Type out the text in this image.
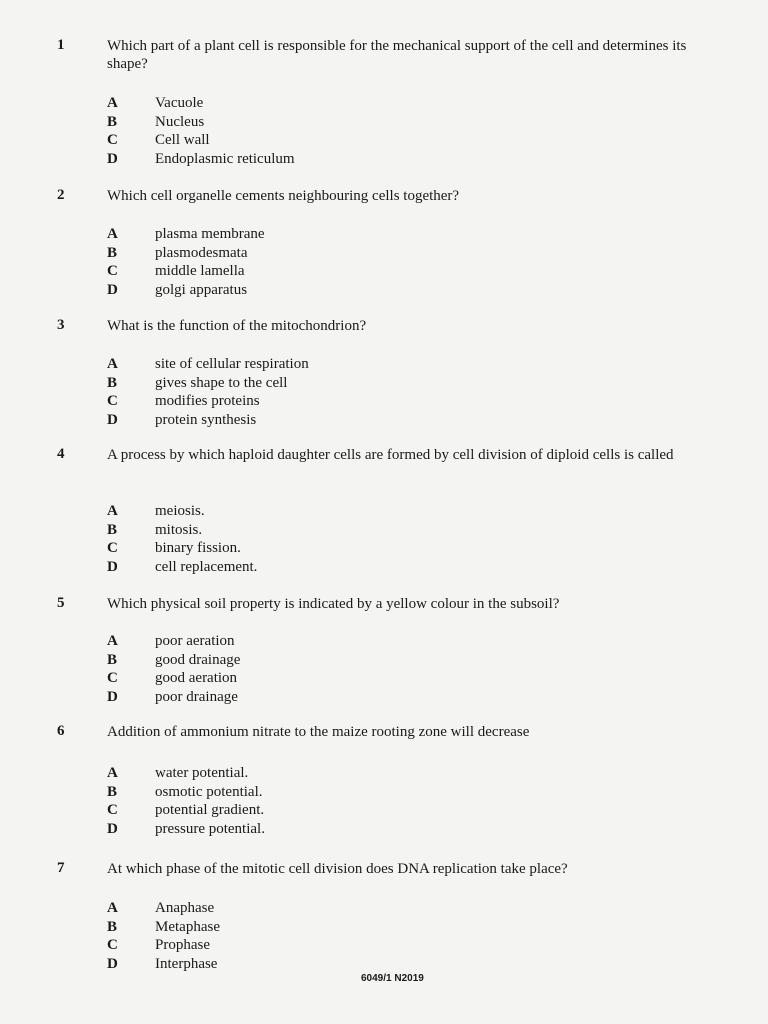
1	Which part of a plant cell is responsible for the mechanical support of the cell and determines its shape?
A	Vacuole
B	Nucleus
C	Cell wall
D	Endoplasmic reticulum
2	Which cell organelle cements neighbouring cells together?
A	plasma membrane
B	plasmodesmata
C	middle lamella
D	golgi apparatus
3	What is the function of the mitochondrion?
A	site of cellular respiration
B	gives shape to the cell
C	modifies proteins
D	protein synthesis
4	A process by which haploid daughter cells are formed by cell division of diploid cells is called
A	meiosis.
B	mitosis.
C	binary fission.
D	cell replacement.
5	Which physical soil property is indicated by a yellow colour in the subsoil?
A	poor aeration
B	good drainage
C	good aeration
D	poor drainage
6	Addition of ammonium nitrate to the maize rooting zone will decrease
A	water potential.
B	osmotic potential.
C	potential gradient.
D	pressure potential.
7	At which phase of the mitotic cell division does DNA replication take place?
A	Anaphase
B	Metaphase
C	Prophase
D	Interphase
6049/1 N2019
